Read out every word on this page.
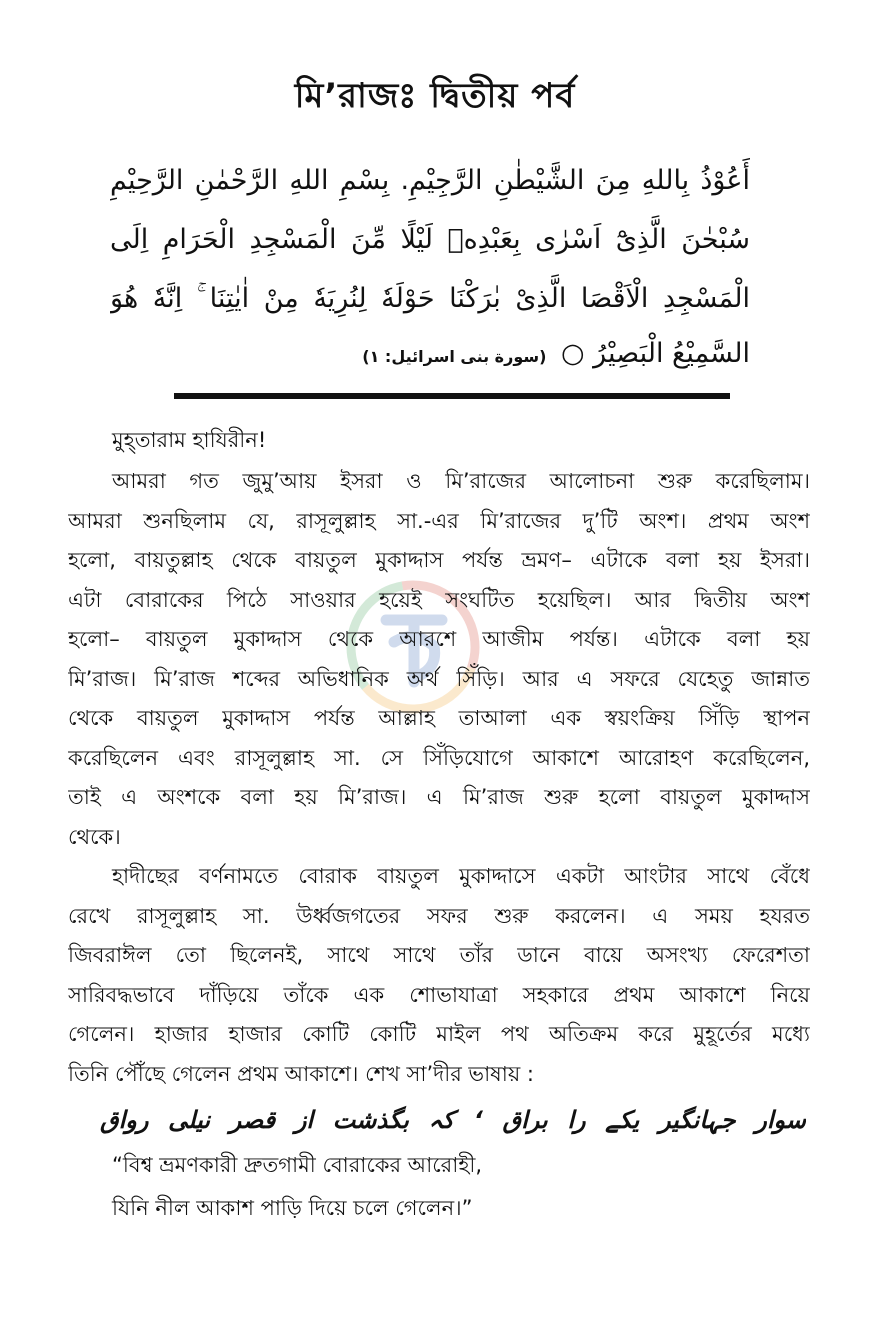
মি’রাজঃ দ্বিতীয় পর্ব
أَعُوْذُ بِاللهِ مِنَ الشَّيْطٰنِ الرَّجِيْمِ. بِسْمِ اللهِ الرَّحْمٰنِ الرَّحِيْمِ
سُبْحٰنَ الَّذِىْٓ اَسْرٰى بِعَبْدِهٖ لَيْلًا مِّنَ الْمَسْجِدِ الْحَرَامِ اِلَى
الْمَسْجِدِ الْاَقْصَا الَّذِىْ بٰرَكْنَا حَوْلَهٗ لِنُرِيَهٗ مِنْ اٰيٰتِنَا ۚ اِنَّهٗ هُوَ
السَّمِيْعُ الْبَصِيْرُ ○ (سورة بنى اسرائيل: ١)
মুহ্‌তারাম হাযিরীন!
আমরা গত জুমু’আয় ইসরা ও মি’রাজের আলোচনা শুরু করেছিলাম।
আমরা শুনছিলাম যে, রাসূলুল্লাহ সা.-এর মি’রাজের দু’টি অংশ। প্রথম অংশ
হলো, বায়তুল্লাহ থেকে বায়তুল মুকাদ্দাস পর্যন্ত ভ্রমণ– এটাকে বলা হয় ইসরা।
এটা বোরাকের পিঠে সাওয়ার হয়েই সংঘটিত হয়েছিল। আর দ্বিতীয় অংশ
হলো– বায়তুল মুকাদ্দাস থেকে আরশে আজীম পর্যন্ত। এটাকে বলা হয়
মি’রাজ। মি’রাজ শব্দের অভিধানিক অর্থ সিঁড়ি। আর এ সফরে যেহেতু জান্নাত
থেকে বায়তুল মুকাদ্দাস পর্যন্ত আল্লাহ তাআলা এক স্বয়ংক্রিয় সিঁড়ি স্থাপন
করেছিলেন এবং রাসূলুল্লাহ সা. সে সিঁড়িযোগে আকাশে আরোহণ করেছিলেন,
তাই এ অংশকে বলা হয় মি’রাজ। এ মি’রাজ শুরু হলো বায়তুল মুকাদ্দাস
থেকে।
হাদীছের বর্ণনামতে বোরাক বায়তুল মুকাদ্দাসে একটা আংটার সাথে বেঁধে
রেখে রাসূলুল্লাহ সা. উর্ধ্বজগতের সফর শুরু করলেন। এ সময় হযরত
জিবরাঈল তো ছিলেনই, সাথে সাথে তাঁর ডানে বায়ে অসংখ্য ফেরেশতা
সারিবদ্ধভাবে দাঁড়িয়ে তাঁকে এক শোভাযাত্রা সহকারে প্রথম আকাশে নিয়ে
গেলেন। হাজার হাজার কোটি কোটি মাইল পথ অতিক্রম করে মুহূর্তের মধ্যে
তিনি পৌঁছে গেলেন প্রথম আকাশে। শেখ সা’দীর ভাষায় :
سوار جہانگیر یکے را براق ‘ کہ بگذشت از قصر نیلی رواق
“বিশ্ব ভ্রমণকারী দ্রুতগামী বোরাকের আরোহী,
যিনি নীল আকাশ পাড়ি দিয়ে চলে গেলেন।”
